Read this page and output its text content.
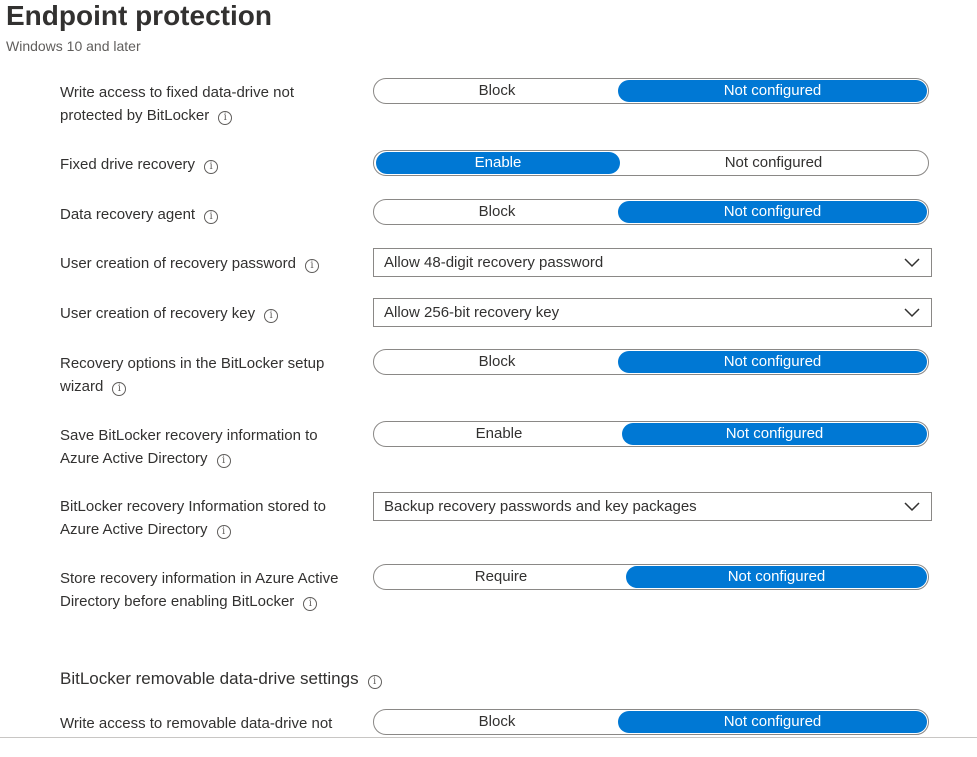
Endpoint protection
Windows 10 and later
Write access to fixed data-drive not
protected by BitLocker i
Block	Not configured
Fixed drive recovery i	Enable	Not configured
Data recovery agent i	Block	Not configured
User creation of recovery password i	Allow 48-digit recovery password
User creation of recovery key i	Allow 256-bit recovery key
Recovery options in the BitLocker setup
wizard i
Block	Not configured
Save BitLocker recovery information to
Azure Active Directory i
Enable	Not configured
BitLocker recovery Information stored to
Azure Active Directory i
Backup recovery passwords and key packages
Store recovery information in Azure Active
Directory before enabling BitLocker i
Require	Not configured
BitLocker removable data-drive settings i
Write access to removable data-drive not	Block	Not configured
